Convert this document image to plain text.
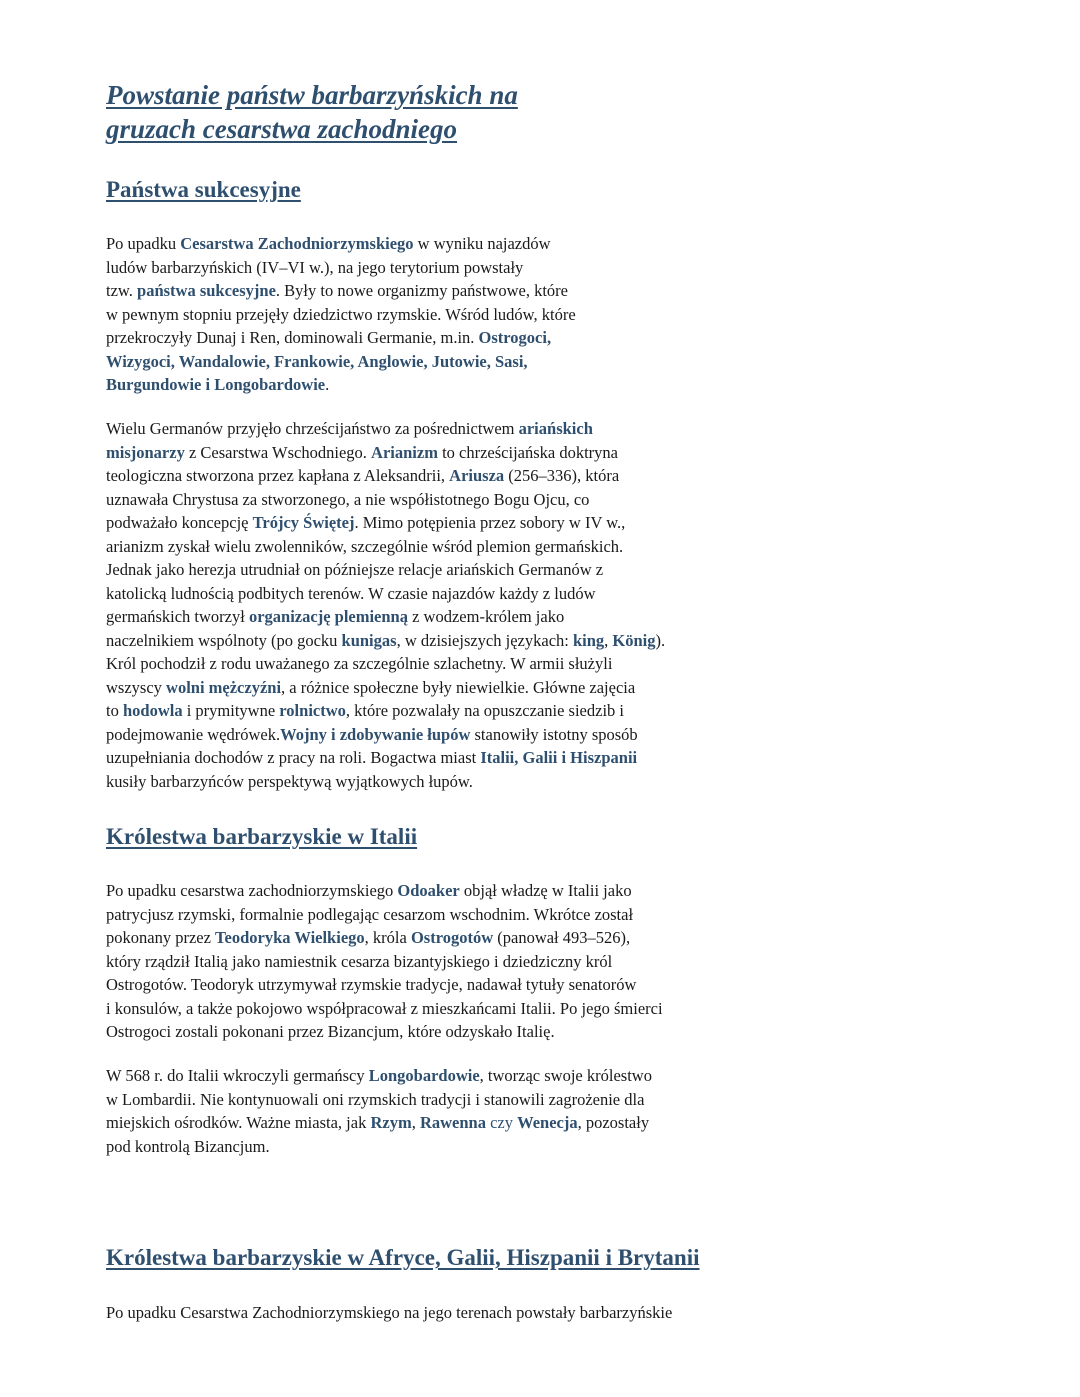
Powstanie państw barbarzyńskich na
gruzach cesarstwa zachodniego
Państwa sukcesyjne

Po upadku Cesarstwa Zachodniorzymskiego w wyniku najazdów
ludów barbarzyńskich (IV–VI w.), na jego terytorium powstały
tzw. państwa sukcesyjne. Były to nowe organizmy państwowe, które
w pewnym stopniu przejęły dziedzictwo rzymskie. Wśród ludów, które
przekroczyły Dunaj i Ren, dominowali Germanie, m.in. Ostrogoci,
Wizygoci, Wandalowie, Frankowie, Anglowie, Jutowie, Sasi,
Burgundowie i Longobardowie.

Wielu Germanów przyjęło chrześcijaństwo za pośrednictwem ariańskich
misjonarzy z Cesarstwa Wschodniego. Arianizm to chrześcijańska doktryna
teologiczna stworzona przez kapłana z Aleksandrii, Ariusza (256–336), która
uznawała Chrystusa za stworzonego, a nie współistotnego Bogu Ojcu, co
podważało koncepcję Trójcy Świętej. Mimo potępienia przez sobory w IV w.,
arianizm zyskał wielu zwolenników, szczególnie wśród plemion germańskich.
Jednak jako herezja utrudniał on późniejsze relacje ariańskich Germanów z
katolicką ludnością podbitych terenów. W czasie najazdów każdy z ludów
germańskich tworzył organizację plemienną z wodzem-królem jako
naczelnikiem wspólnoty (po gocku kunigas, w dzisiejszych językach: king, König).
Król pochodził z rodu uważanego za szczególnie szlachetny. W armii służyli
wszyscy wolni mężczyźni, a różnice społeczne były niewielkie. Główne zajęcia
to hodowla i prymitywne rolnictwo, które pozwalały na opuszczanie siedzib i
podejmowanie wędrówek.Wojny i zdobywanie łupów stanowiły istotny sposób
uzupełniania dochodów z pracy na roli. Bogactwa miast Italii, Galii i Hiszpanii
kusiły barbarzyńców perspektywą wyjątkowych łupów.

Królestwa barbarzyskie w Italii

Po upadku cesarstwa zachodniorzymskiego Odoaker objął władzę w Italii jako
patrycjusz rzymski, formalnie podlegając cesarzom wschodnim. Wkrótce został
pokonany przez Teodoryka Wielkiego, króla Ostrogotów (panował 493–526),
który rządził Italią jako namiestnik cesarza bizantyjskiego i dziedziczny król
Ostrogotów. Teodoryk utrzymywał rzymskie tradycje, nadawał tytuły senatorów
i konsulów, a także pokojowo współpracował z mieszkańcami Italii. Po jego śmierci
Ostrogoci zostali pokonani przez Bizancjum, które odzyskało Italię.

W 568 r. do Italii wkroczyli germańscy Longobardowie, tworząc swoje królestwo
w Lombardii. Nie kontynuowali oni rzymskich tradycji i stanowili zagrożenie dla
miejskich ośrodków. Ważne miasta, jak Rzym, Rawenna czy Wenecja, pozostały
pod kontrolą Bizancjum.

Królestwa barbarzyskie w Afryce, Galii, Hiszpanii i Brytanii

Po upadku Cesarstwa Zachodniorzymskiego na jego terenach powstały barbarzyńskie
